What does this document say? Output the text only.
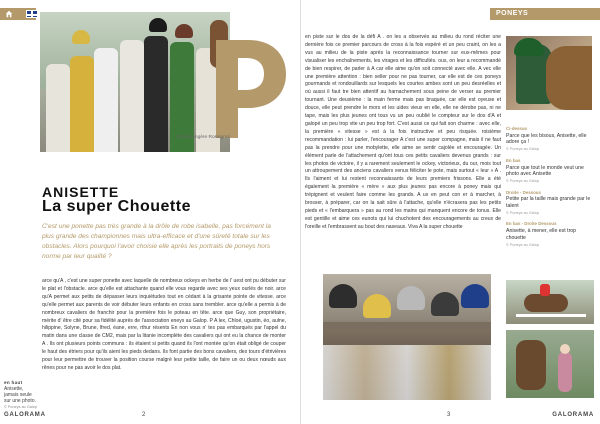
Par Bérengère Rossignol
ANISETTE
La super Chouette
C'est une ponette pas très grande à la drôle de robe isabelle, pas forcément la plus grande des championnes mais ultra-efficace et d'une sûreté totale sur les obstacles. Alors pourquoi l'avoir choisie elle après les portraits de poneys hors norme par leur qualité ?
arce qu'A , c'est une super ponette avec laquelle de nombreux ockeys en herbe de l' uest ont pu débuter sur le plat et l'obstacle. arce qu'elle est attachante quand elle vous regarde avec ses yeux ourlés de noir. arce qu'A permet aux petits de dépasser leurs inquiétudes tout en cédant à la grisante pointe de vitesse. arce qu'elle permet aux parents de voir débuter leurs enfants en cross sans trembler. arce qu'elle a permis à de nombreux cavaliers de franchir pour la première fois le poteau en tête. arce que Guy, son propriétaire, mérite d' être cité pour sa fidélité auprès de l'association eneys au Galop. P A lex, Chloé, ugustin, éo, aulne, hilippine, Solyne, Brune, lfred, éane, erre, rthur résents En non vous n' tes pas embarqués par l'appel du matin dans une classe de CM2, mais par la litanie incomplète des cavaliers qui ont eu la chance de monter A . Ils ont plusieurs points communs : ils étaient si petits quand ils l'ont montée qu'on était obligé de couper le haut des étriers pour qu'ils aient les pieds dedans. Ils font partie des bons cavaliers, des tours d'étrivières pour leur permettre de trouver la position course malgré leur petite taille, de faire un ou deux nœuds aux rênes pour ne pas avoir le dos plat.
en haut
Anisette, jamais seule sur une photo.
© Poneys au Galop
GALORAMA	2
PONEYS
en piste sur le dos de la défi A . on les a observés au milieu du rond réciter une dernière fois ce premier parcours de cross à la fois espéré et un peu craint, on les a vus au milieu de la piste après la reconnaissance tourner sur eux-mêmes pour visualiser les enchaînements, les virages et les difficultés. ous, on leur a recommandé de bien respirer, de parler à A car elle aime qu'on soit connecté avec elle. A vec elle une première attention : bien seller pour ne pas tourner, car elle est de ces poneys gourmands et rondouillards sur lesquels les courtes ambes sont un peu desréelles et où aussi il faut tre bien attentif au harnachement sous peine de verser au premier tournant. Une deuxième : la main ferme mais pas braquée, car elle est oyeuse et douce, elle peut prendre le mors et les uides vieux en elle, elle ne dérobe pas, ni ne tape, mais les plus jeunes ont tous vu un peu oublié le compteur sur le dos d'A et galopé un peu trop vite un peu trop fort. C'est aussi ce qui fait son charme : avec elle, la première « vitesse » est à la fois instructive et peu risquée. roisième recommandation : lui parler, l'encourager A c'est une super compagne, mais il ne faut pas la prendre pour une mobylette, elle aime se sentir cajolée et encouragée. Un élément parle de l'attachement qu'ont tous ces petits cavaliers devenus grands : sur les photos de victoire, il y a rarement seulement le ockey, victorieux, du our, mois tout un attroupement des anciens cavaliers venus féliciter le pote, mais surtout « leur » A . Ils l'aiment et lui restent reconnaissants de leurs premiers frissons. Elle a été également la première « mère » aux plus jeunes pas encore à poney mais qui trépignent et veulent faire comme les grands. A ux en peut con er à marcher, à brosser, à préparer, car on la sait sûre à l'attache, qu'elle n'écrasera pas les petits pieds et « l'embarquera » pas au rond les mains qui manquent encore de tonus. Elle est gentille et aime ces eunots qui lui chuchotent des encouragements au creux de l'oreille et l'embrassent au bout des naseaux. Viva A la super chouette
Ci-dessus
Parce que les bisous, Anisette, elle adore ça !
© Poneys au Galop
En bas
Parce que tout le monde veut une photo avec Anisette
© Poneys au Galop
Droite - Dessous
Petite par la taille mais grande par le talent
© Poneys au Galop
En bas - Droite Dessous
Anisette, à mener, elle est trop chouette
© Poneys au Galop
3	GALORAMA
